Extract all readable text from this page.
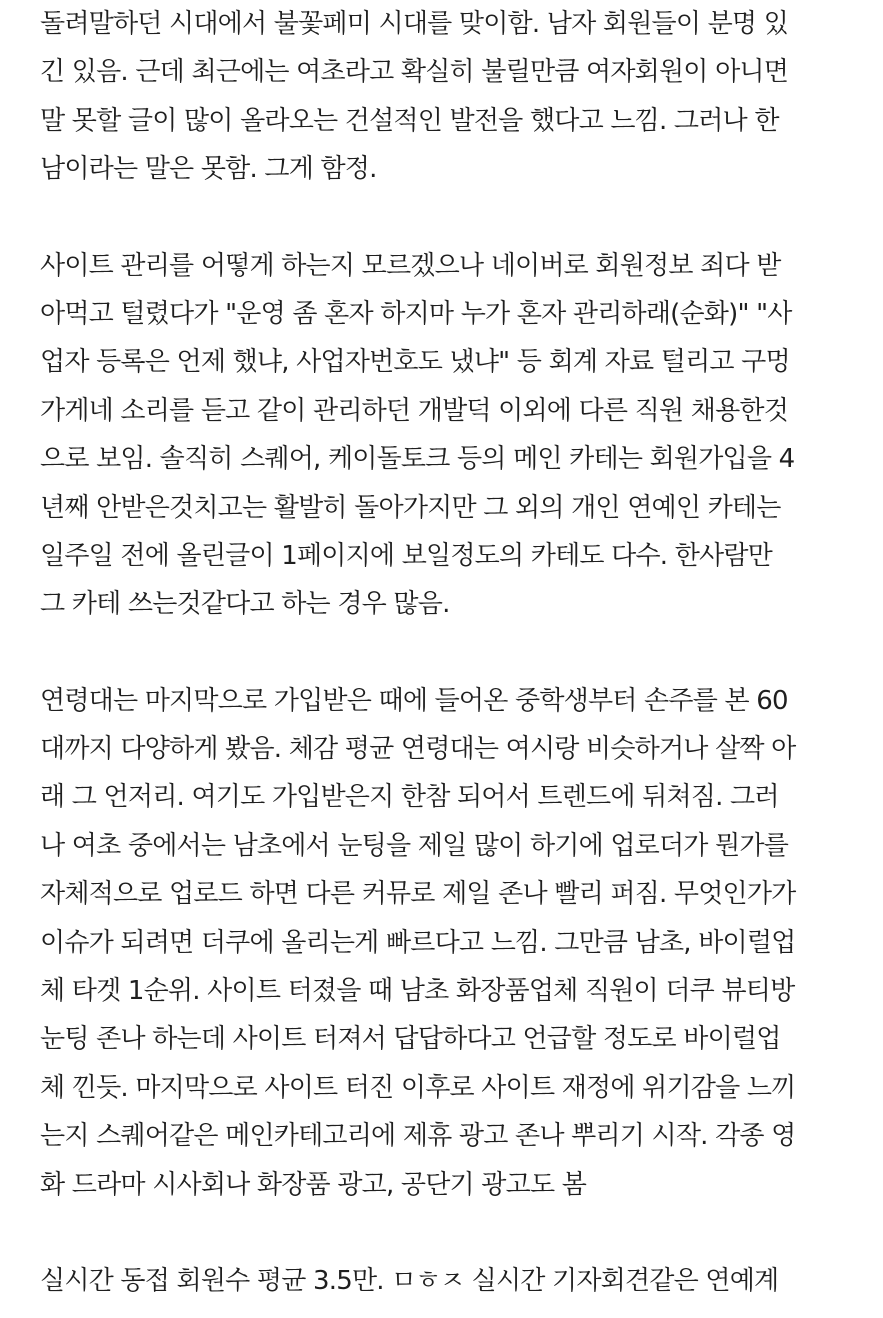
돌려말하던 시대에서 불꽃페미 시대를 맞이함. 남자 회원들이 분명 있
긴 있음. 근데 최근에는 여초라고 확실히 불릴만큼 여자회원이 아니면
말 못할 글이 많이 올라오는 건설적인 발전을 했다고 느낌. 그러나 한
남이라는 말은 못함. 그게 함정.
사이트 관리를 어떻게 하는지 모르겠으나 네이버로 회원정보 죄다 받
아먹고 털렸다가 "운영 좀 혼자 하지마 누가 혼자 관리하래(순화)" "사
업자 등록은 언제 했냐, 사업자번호도 냈냐" 등 회계 자료 털리고 구멍
가게네 소리를 듣고 같이 관리하던 개발덕 이외에 다른 직원 채용한것
으로 보임. 솔직히 스퀘어, 케이돌토크 등의 메인 카테는 회원가입을 4
년째 안받은것치고는 활발히 돌아가지만 그 외의 개인 연예인 카테는
일주일 전에 올린글이 1페이지에 보일정도의 카테도 다수. 한사람만
그 카테 쓰는것같다고 하는 경우 많음.
연령대는 마지막으로 가입받은 때에 들어온 중학생부터 손주를 본 60
대까지 다양하게 봤음. 체감 평균 연령대는 여시랑 비슷하거나 살짝 아
래 그 언저리. 여기도 가입받은지 한참 되어서 트렌드에 뒤쳐짐. 그러
나 여초 중에서는 남초에서 눈팅을 제일 많이 하기에 업로더가 뭔가를
자체적으로 업로드 하면 다른 커뮤로 제일 존나 빨리 퍼짐. 무엇인가가
이슈가 되려면 더쿠에 올리는게 빠르다고 느낌. 그만큼 남초, 바이럴업
체 타겟 1순위. 사이트 터졌을 때 남초 화장품업체 직원이 더쿠 뷰티방
눈팅 존나 하는데 사이트 터져서 답답하다고 언급할 정도로 바이럴업
체 낀듯. 마지막으로 사이트 터진 이후로 사이트 재정에 위기감을 느끼
는지 스퀘어같은 메인카테고리에 제휴 광고 존나 뿌리기 시작. 각종 영
화 드라마 시사회나 화장품 광고, 공단기 광고도 봄
실시간 동접 회원수 평균 3.5만. ㅁㅎㅈ 실시간 기자회견같은 연예계
